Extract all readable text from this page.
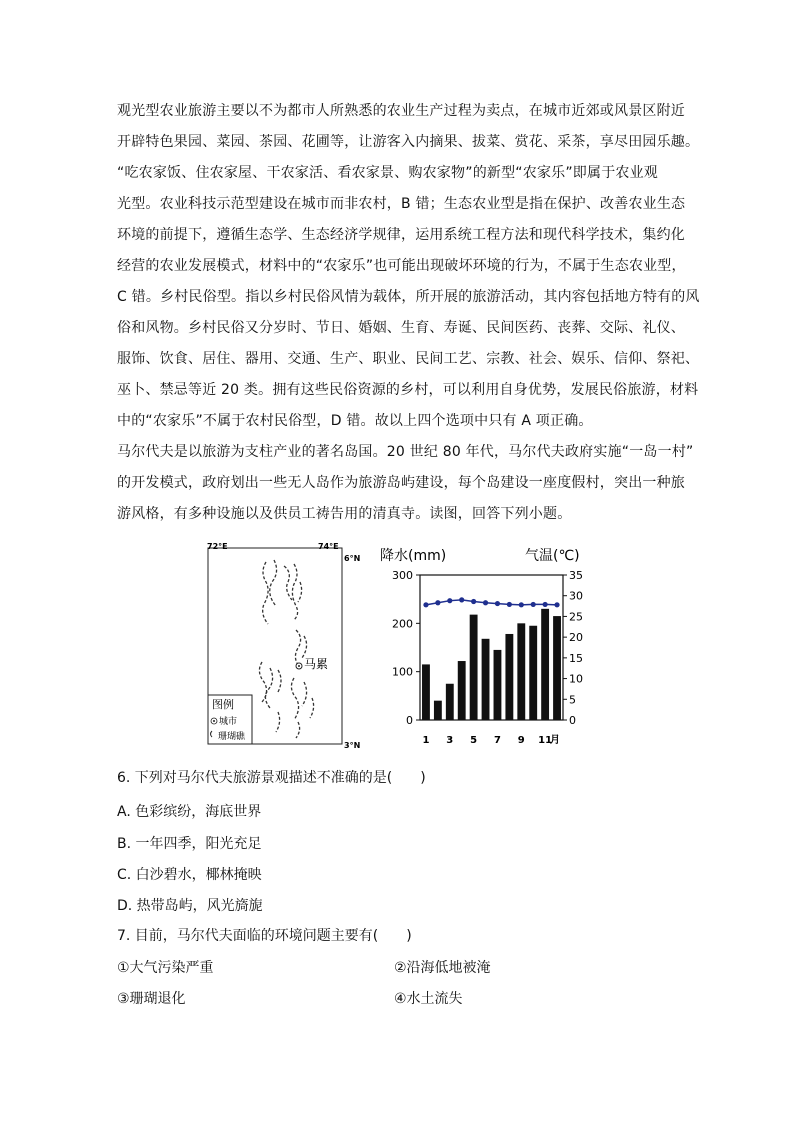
观光型农业旅游主要以不为都市人所熟悉的农业生产过程为卖点，在城市近郊或风景区附近
开辟特色果园、菜园、茶园、花圃等，让游客入内摘果、拔菜、赏花、采茶，享尽田园乐趣。
“吃农家饭、住农家屋、干农家活、看农家景、购农家物”的新型“农家乐”即属于农业观
光型。农业科技示范型建设在城市而非农村，B 错；生态农业型是指在保护、改善农业生态
环境的前提下，遵循生态学、生态经济学规律，运用系统工程方法和现代科学技术，集约化
经营的农业发展模式，材料中的“农家乐”也可能出现破坏环境的行为，不属于生态农业型，
C 错。乡村民俗型。指以乡村民俗风情为载体，所开展的旅游活动，其内容包括地方特有的风
俗和风物。乡村民俗又分岁时、节日、婚姻、生育、寿诞、民间医药、丧葬、交际、礼仪、
服饰、饮食、居住、器用、交通、生产、职业、民间工艺、宗教、社会、娱乐、信仰、祭祀、
巫卜、禁忌等近 20 类。拥有这些民俗资源的乡村，可以利用自身优势，发展民俗旅游，材料
中的“农家乐”不属于农村民俗型，D 错。故以上四个选项中只有 A 项正确。
马尔代夫是以旅游为支柱产业的著名岛国。20 世纪 80 年代，马尔代夫政府实施“一岛一村”
的开发模式，政府划出一些无人岛作为旅游岛屿建设，每个岛建设一座度假村，突出一种旅
游风格，有多种设施以及供员工祷告用的清真寺。读图，回答下列小题。
72°E	74°E
6°N
3°N
马累
图例
城市
珊瑚礁
降水(mm)	气温(℃)
0
100
200
300
0
5
10
15
20
25
30
35
1 3 5 7 9 11
月
6. 下列对马尔代夫旅游景观描述不准确的是(　　)
A. 色彩缤纷，海底世界
B. 一年四季，阳光充足
C. 白沙碧水，椰林掩映
D. 热带岛屿，风光旖旎
7. 目前，马尔代夫面临的环境问题主要有(　　)
①大气污染严重	②沿海低地被淹
③珊瑚退化	④水土流失
